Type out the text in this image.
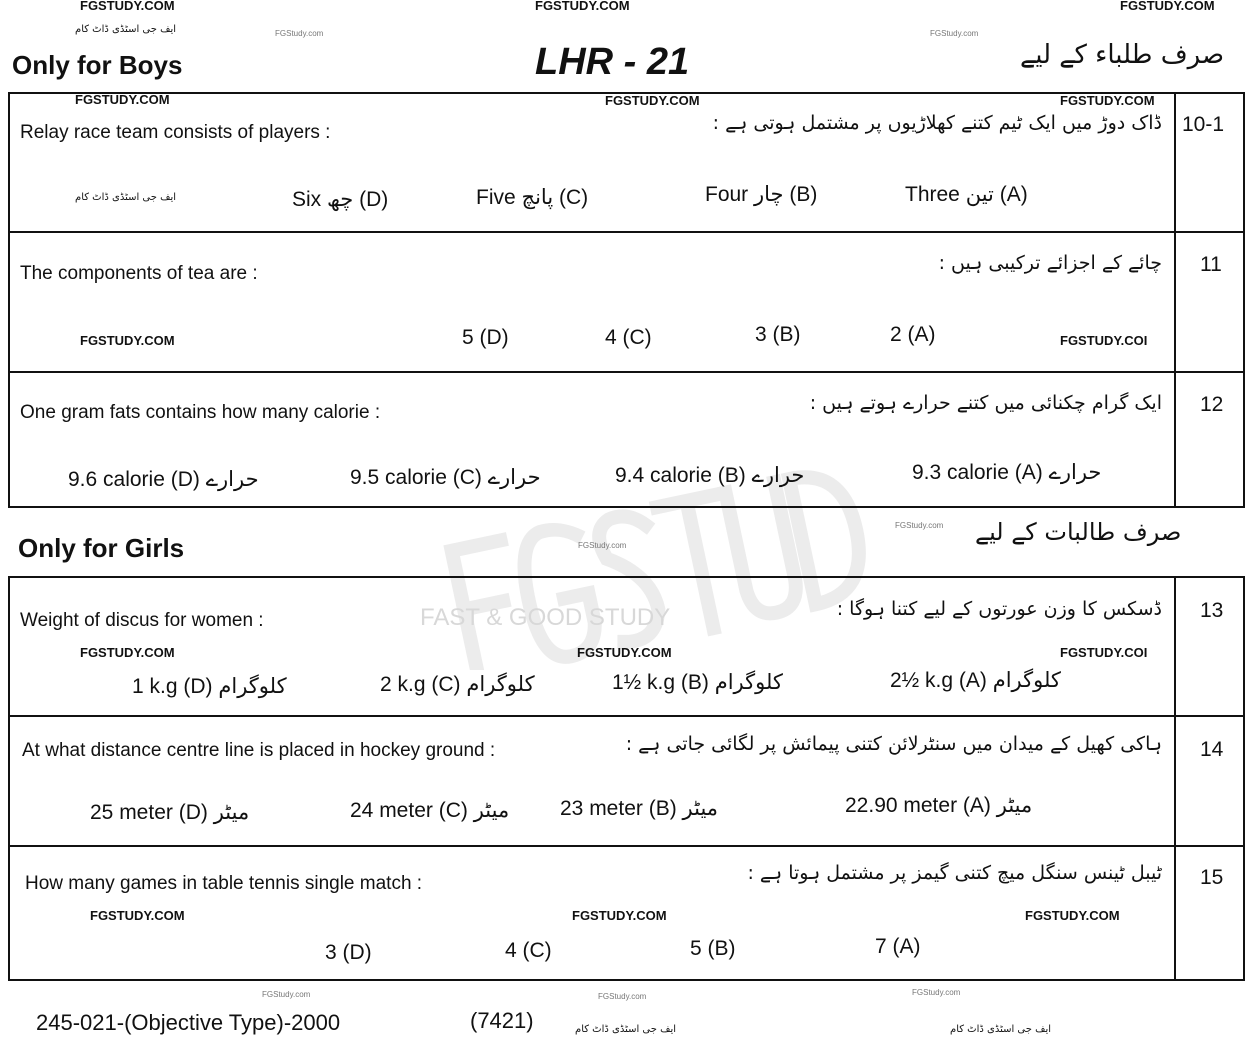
FAST & GOOD STUDY
FGSTUDY.COM	FGSTUDY.COM	FGSTUDY.COM
ایف جی اسٹڈی ڈاٹ کام	FGStudy.com	FGStudy.com
Only for Boys	LHR - 21	صرف طلباء کے لیے
FGSTUDY.COM	FGSTUDY.COM	FGSTUDY.COM
Relay race team consists of players :	ڈاک دوڑ میں ایک ٹیم کتنے کھلاڑیوں پر مشتمل ہوتی ہے : 10-1
ایف جی اسٹڈی ڈاٹ کام	Three تین (A)
Four چار (B)
Five پانچ (C)
Six چھ (D)
The components of tea are :	چائے کے اجزائے ترکیبی ہیں : 11
FGSTUDY.COM	FGSTUDY.COI
2 (A)
3 (B)
4 (C)
5 (D)
One gram fats contains how many calorie :	ایک گرام چکنائی میں کتنے حرارے ہوتے ہیں : 12
9.3 calorie (A) حرارے
9.4 calorie (B) حرارے
9.5 calorie (C) حرارے
9.6 calorie (D) حرارے
Only for Girls	FGStudy.com
FGStudy.com صرف طالبات کے لیے
Weight of discus for women :
ڈسکس کا وزن عورتوں کے لیے کتنا ہوگا : 13
FGSTUDY.COM	FGSTUDY.COM	FGSTUDY.COI
2½ k.g (A) کلوگرام
1½ k.g (B) کلوگرام
2 k.g (C) کلوگرام
1 k.g (D) کلوگرام
At what distance centre line is placed in hockey ground :	ہاکی کھیل کے میدان میں سنٹرلائن کتنی پیمائش پر لگائی جاتی ہے : 14
22.90 meter (A) میٹر
23 meter (B) میٹر
24 meter (C) میٹر
25 meter (D) میٹر
How many games in table tennis single match :	ٹیبل ٹینس سنگل میچ کتنی گیمز پر مشتمل ہوتا ہے : 15
FGSTUDY.COM	FGSTUDY.COM	FGSTUDY.COM
7 (A)
5 (B)
4 (C)
3 (D)
FGStudy.com	FGStudy.com	FGStudy.com
245-021-(Objective Type)-2000	(7421)	ایف جی اسٹڈی ڈاٹ کام	ایف جی اسٹڈی ڈاٹ کام
